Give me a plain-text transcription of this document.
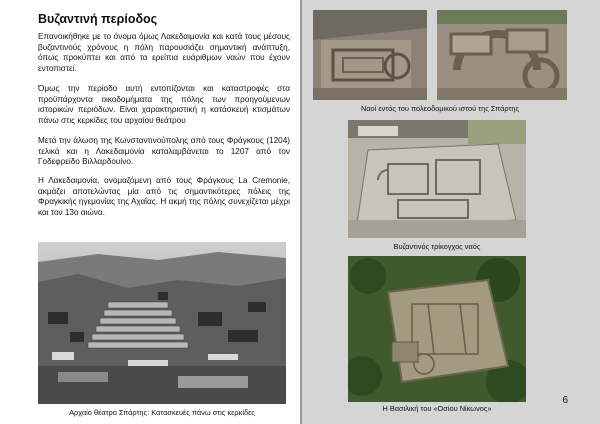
Βυζαντινή περίοδος

Επανοικήθηκε με το όνομα όμως Λακεδαιμονία και κατά τους μέσους βυζαντινούς χρόνους η πόλη παρουσιάζει σημαντική ανάπτυξη, όπως προκύπτει και από τα ερείπια ευάριθμων ναών που έχουν εντοπιστεί.

Όμως την περίοδο αυτή εντοπίζονται και καταστροφές στα προϋπάρχοντα οικοδομήματα της πόλης των προηγούμενων ιστορικών περιόδων. Είναι χαρακτηριστική η κατάσκευή κτισμάτων πάνω στις κερκίδες του αρχαίου θεάτρου

Μετά την άλωση της Κωνσταντινούπολης από τους Φράγκους (1204) τελικά και η Λακεδαιμονία καταλαμβάνεται το 1207 από τον Γοδεφρείδο Βιλλαρδουίνο.

Η Λακεδαιμονία, ονομαζόμενη από τους Φράγκους La Cremonie, ακμάζει αποτελώντας μία από τις σημαντικότερες πόλεις της Φραγκικής ηγεμονίας της Αχαΐας. Η ακμή της πόλης συνεχίζεται μέχρι και τον 13ο αιώνα.

Αρχαίο θέατρο Σπάρτης: Κατασκευές πάνω στις κερκίδες
Ναοί εντός του πολεοδομικού ιστού της Σπάρτης
Βυζαντινός τρίκογχος ναός
Η Βασιλική του «Οσίου Νίκωνος»
6
